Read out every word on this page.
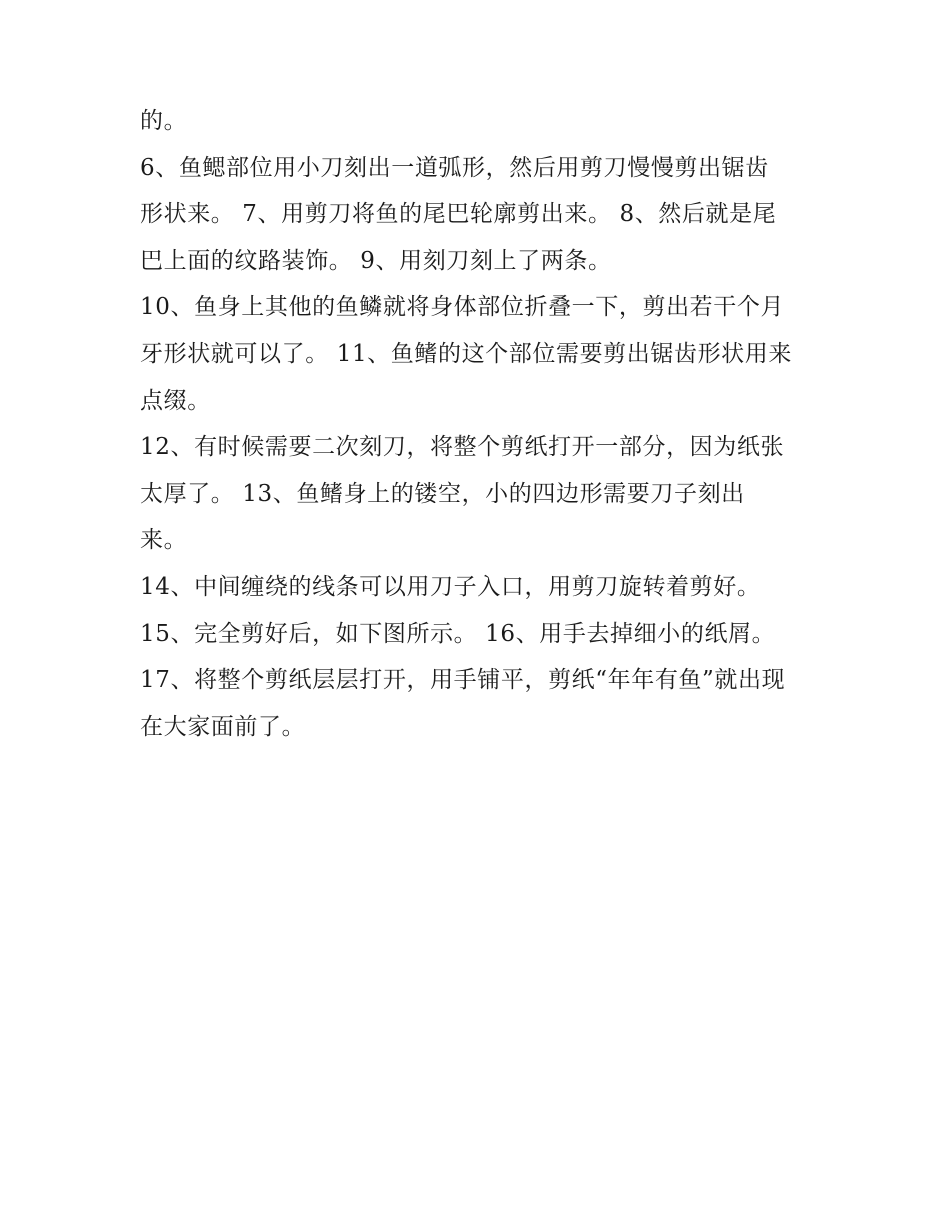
的。
6、鱼鳃部位用小刀刻出一道弧形，然后用剪刀慢慢剪出锯齿
形状来。 7、用剪刀将鱼的尾巴轮廓剪出来。 8、然后就是尾
巴上面的纹路装饰。 9、用刻刀刻上了两条。
10、鱼身上其他的鱼鳞就将身体部位折叠一下，剪出若干个月
牙形状就可以了。 11、鱼鳍的这个部位需要剪出锯齿形状用来
点缀。
12、有时候需要二次刻刀，将整个剪纸打开一部分，因为纸张
太厚了。 13、鱼鳍身上的镂空，小的四边形需要刀子刻出
来。
14、中间缠绕的线条可以用刀子入口，用剪刀旋转着剪好。
15、完全剪好后，如下图所示。 16、用手去掉细小的纸屑。
17、将整个剪纸层层打开，用手铺平，剪纸“年年有鱼”就出现
在大家面前了。
